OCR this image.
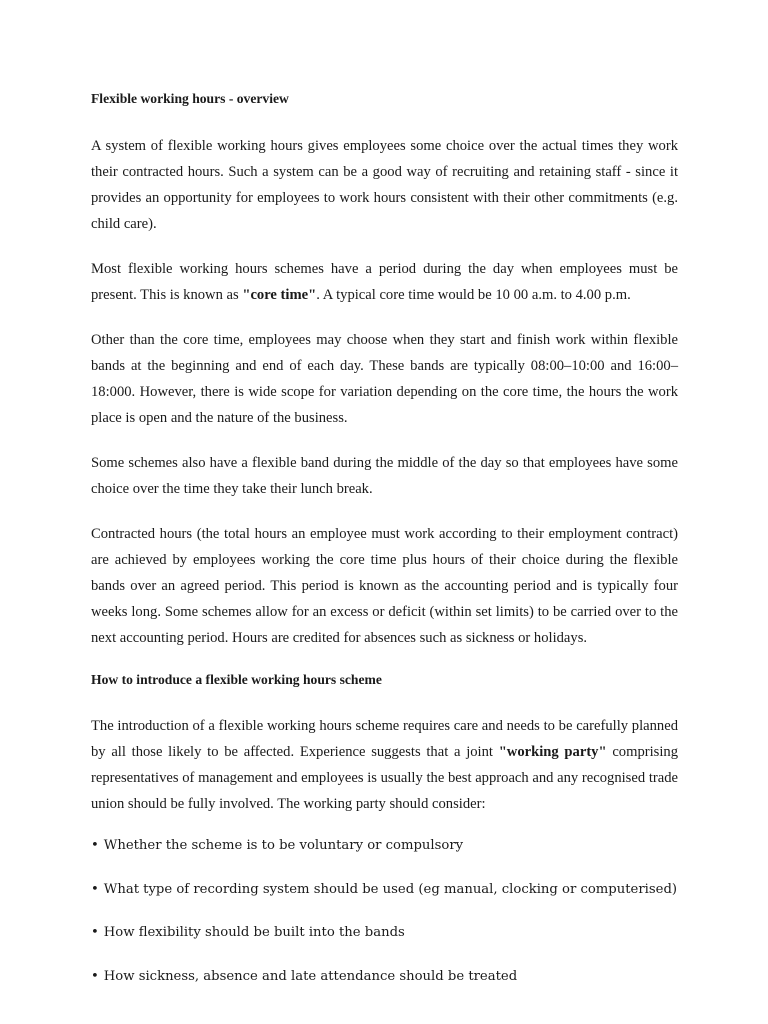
Flexible working hours - overview

A system of flexible working hours gives employees some choice over the actual times they work their contracted hours. Such a system can be a good way of recruiting and retaining staff - since it provides an opportunity for employees to work hours consistent with their other commitments (e.g. child care).

Most flexible working hours schemes have a period during the day when employees must be present. This is known as "core time". A typical core time would be 10 00 a.m. to 4.00 p.m.

Other than the core time, employees may choose when they start and finish work within flexible bands at the beginning and end of each day. These bands are typically 08:00–10:00 and 16:00–18:000. However, there is wide scope for variation depending on the core time, the hours the work place is open and the nature of the business.

Some schemes also have a flexible band during the middle of the day so that employees have some choice over the time they take their lunch break.

Contracted hours (the total hours an employee must work according to their employment contract) are achieved by employees working the core time plus hours of their choice during the flexible bands over an agreed period. This period is known as the accounting period and is typically four weeks long. Some schemes allow for an excess or deficit (within set limits) to be carried over to the next accounting period. Hours are credited for absences such as sickness or holidays.

How to introduce a flexible working hours scheme

The introduction of a flexible working hours scheme requires care and needs to be carefully planned by all those likely to be affected. Experience suggests that a joint "working party" comprising representatives of management and employees is usually the best approach and any recognised trade union should be fully involved. The working party should consider:

• Whether the scheme is to be voluntary or compulsory
• What type of recording system should be used (eg manual, clocking or computerised)
• How flexibility should be built into the bands
• How sickness, absence and late attendance should be treated
